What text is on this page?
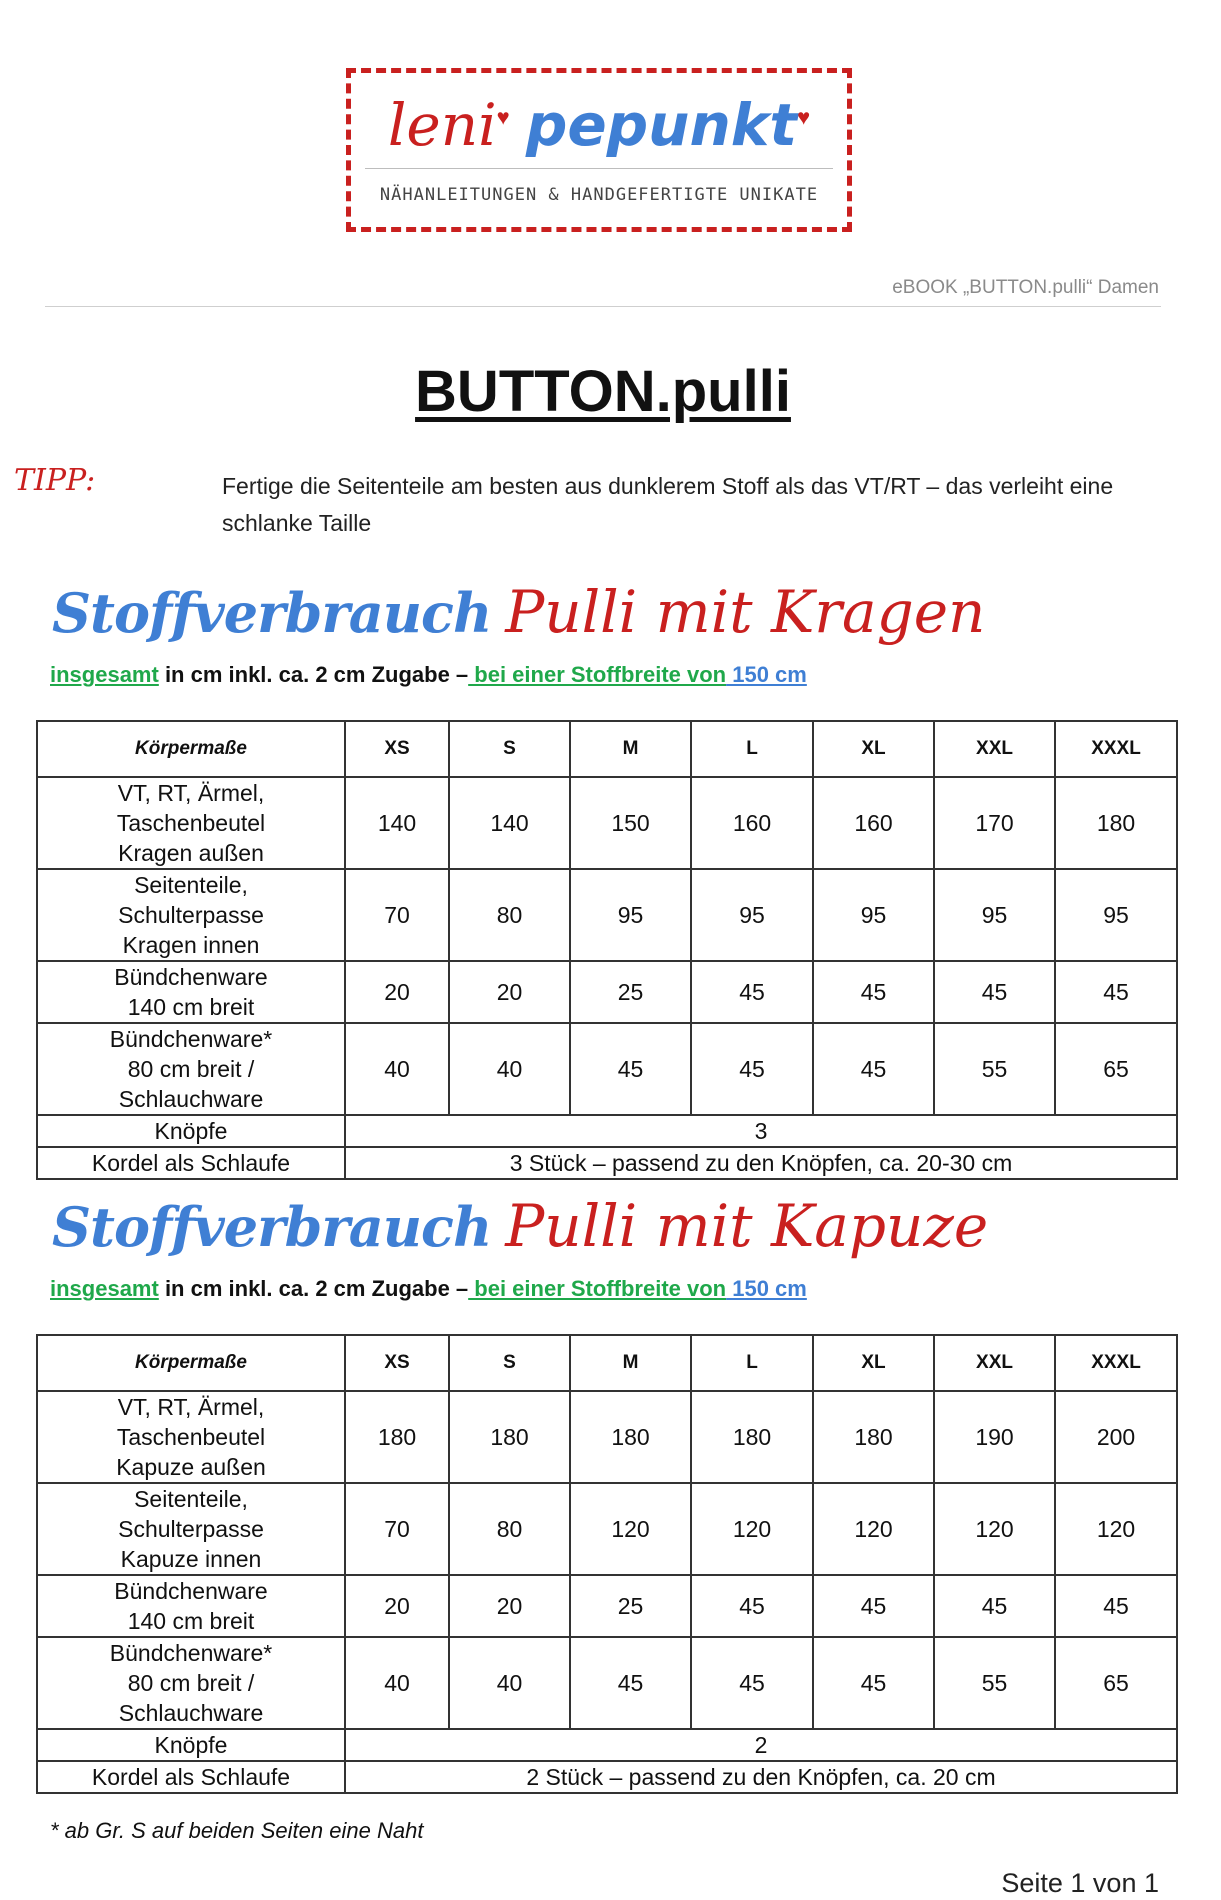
leni♥ pepunkt♥
NÄHANLEITUNGEN & HANDGEFERTIGTE UNIKATE
eBOOK „BUTTON.pulli“ Damen
BUTTON.pulli
TIPP:	Fertige die Seitenteile am besten aus dunklerem Stoff als das VT/RT – das verleiht eine schlanke Taille
Stoffverbrauch Pulli mit Kragen
insgesamt in cm inkl. ca. 2 cm Zugabe – bei einer Stoffbreite von 150 cm
Körpermaße	XS	S	M	L	XL	XXL	XXXL

VT, RT, Ärmel,
Taschenbeutel
Kragen außen	140	140	150	160	160	170	180

Seitenteile,
Schulterpasse
Kragen innen	70	80	95	95	95	95	95

Bündchenware
140 cm breit	20	20	25	45	45	45	45

Bündchenware*
80 cm breit /
Schlauchware	40	40	45	45	45	55	65
Knöpfe	3						
Kordel als Schlaufe	3 Stück – passend zu den Knöpfen, ca. 20-30 cm						
Stoffverbrauch Pulli mit Kapuze
insgesamt in cm inkl. ca. 2 cm Zugabe – bei einer Stoffbreite von 150 cm
Körpermaße	XS	S	M	L	XL	XXL	XXXL

VT, RT, Ärmel,
Taschenbeutel
Kapuze außen	180	180	180	180	180	190	200

Seitenteile,
Schulterpasse
Kapuze innen	70	80	120	120	120	120	120

Bündchenware
140 cm breit	20	20	25	45	45	45	45

Bündchenware*
80 cm breit /
Schlauchware	40	40	45	45	45	55	65
Knöpfe	2						
Kordel als Schlaufe	2 Stück – passend zu den Knöpfen, ca. 20 cm						
* ab Gr. S auf beiden Seiten eine Naht
Seite 1 von 1
